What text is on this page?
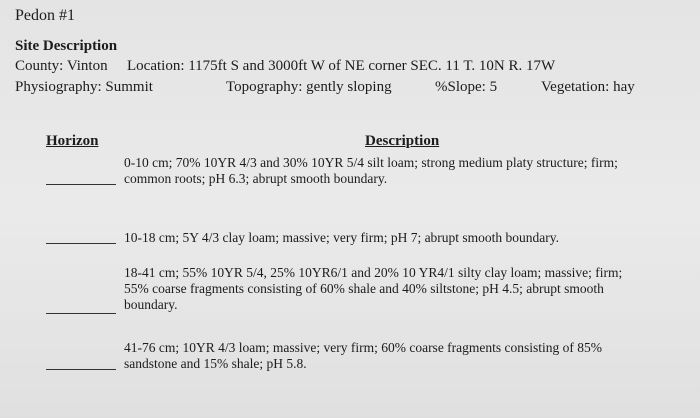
Pedon #1
Site Description
County: Vinton Location: 1175ft S and 3000ft W of NE corner SEC. 11 T. 10N R. 17W
Physiography: Summit	Topography: gently sloping	%Slope: 5	Vegetation: hay
Horizon	Description
0-10 cm; 70% 10YR 4/3 and 30% 10YR 5/4 silt loam; strong medium platy structure; firm;
common roots; pH 6.3; abrupt smooth boundary.
10-18 cm; 5Y 4/3 clay loam; massive; very firm; pH 7; abrupt smooth boundary.
18-41 cm; 55% 10YR 5/4, 25% 10YR6/1 and 20% 10 YR4/1 silty clay loam; massive; firm;
55% coarse fragments consisting of 60% shale and 40% siltstone; pH 4.5; abrupt smooth
boundary.
41-76 cm; 10YR 4/3 loam; massive; very firm; 60% coarse fragments consisting of 85%
sandstone and 15% shale; pH 5.8.
